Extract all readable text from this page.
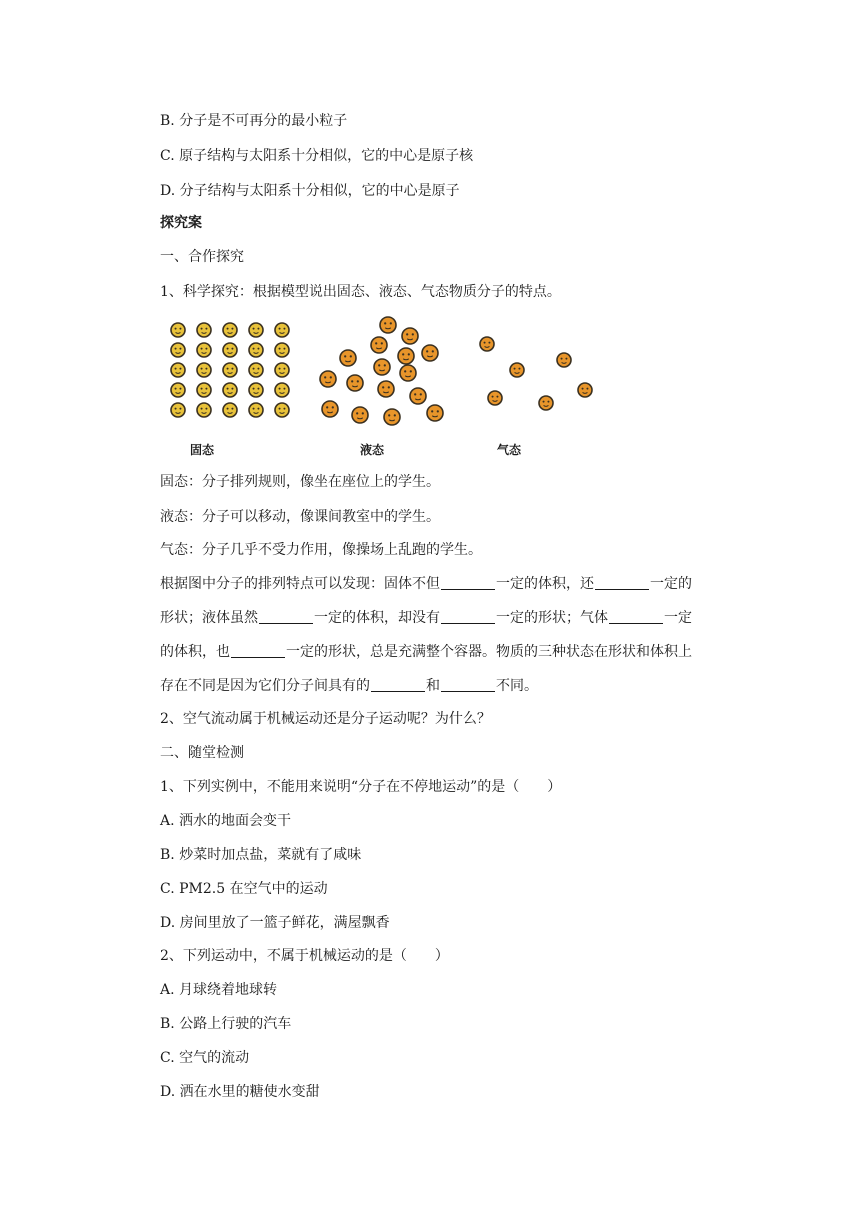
B. 分子是不可再分的最小粒子
C. 原子结构与太阳系十分相似，它的中心是原子核
D. 分子结构与太阳系十分相似，它的中心是原子
探究案
一、合作探究
1、科学探究：根据模型说出固态、液态、气态物质分子的特点。
固态	液态	气态
固态：分子排列规则，像坐在座位上的学生。
液态：分子可以移动，像课间教室中的学生。
气态：分子几乎不受力作用，像操场上乱跑的学生。
根据图中分子的排列特点可以发现：固体不但	一定的体积，还	一定的形状；液体虽然	一定的体积，却没有	一定的形状；气体	一定的体积，也	一定的形状，总是充满整个容器。物质的三种状态在形状和体积上存在不同是因为它们分子间具有的	和	不同。
2、空气流动属于机械运动还是分子运动呢？为什么？
二、随堂检测
1、下列实例中，不能用来说明“分子在不停地运动”的是（　　）
A. 洒水的地面会变干
B. 炒菜时加点盐，菜就有了咸味
C. PM2.5 在空气中的运动
D. 房间里放了一篮子鲜花，满屋飘香
2、下列运动中，不属于机械运动的是（　　）
A. 月球绕着地球转
B. 公路上行驶的汽车
C. 空气的流动
D. 洒在水里的糖使水变甜
